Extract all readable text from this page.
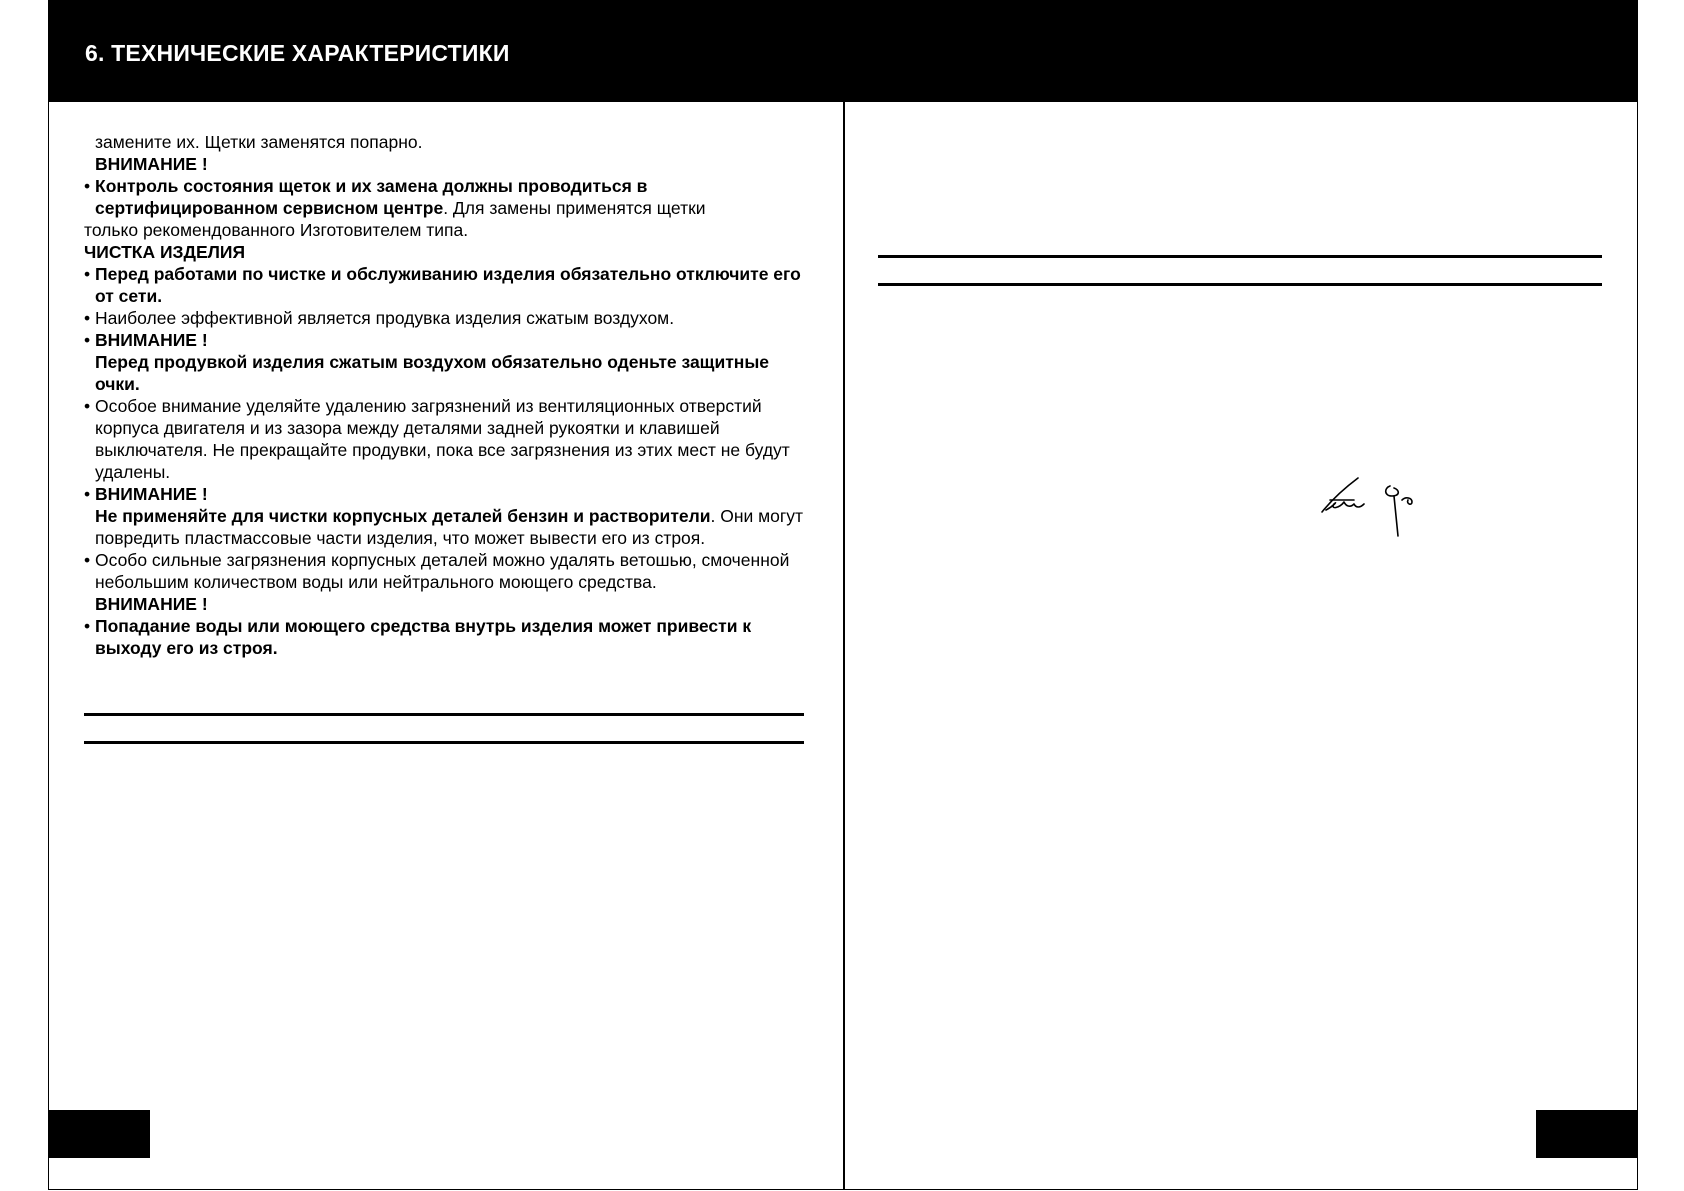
6. ТЕХНИЧЕСКИЕ ХАРАКТЕРИСТИКИ

замените их. Щетки заменятся попарно.

ВНИМАНИЕ !

• Контроль состояния щеток и их замена должны проводиться в сертифицированном сервисном центре. Для замены применятся щетки

только рекомендованного Изготовителем типа.

ЧИСТКА ИЗДЕЛИЯ

• Перед работами по чистке и обслуживанию изделия обязательно отключите его от сети.

• Наиболее эффективной является продувка изделия сжатым воздухом.

• ВНИМАНИЕ !

Перед продувкой изделия сжатым воздухом обязательно оденьте защитные очки.

• Особое внимание уделяйте удалению загрязнений из вентиляционных отверстий корпуса двигателя и из зазора между деталями задней рукоятки и клавишей выключателя. Не прекращайте продувки, пока все загрязнения из этих мест не будут удалены.

• ВНИМАНИЕ !

Не применяйте для чистки корпусных деталей бензин и растворители. Они могут повредить пластмассовые части изделия, что может вывести его из строя.

• Особо сильные загрязнения корпусных деталей можно удалять ветошью, смоченной небольшим количеством воды или нейтрального моющего средства.

ВНИМАНИЕ !

• Попадание воды или моющего средства внутрь изделия может привести к выходу его из строя.
